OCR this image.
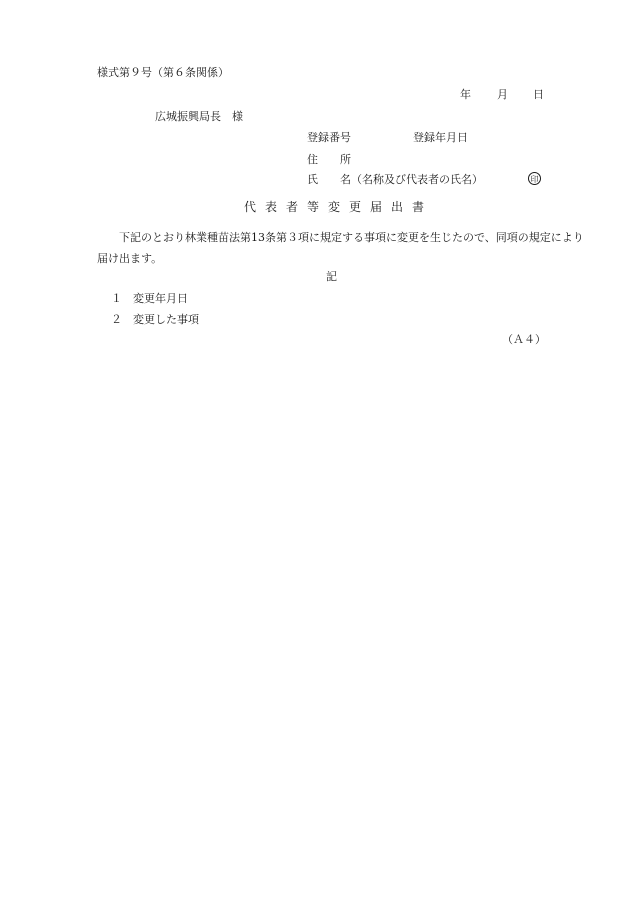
様式第９号（第６条関係）
年 月 日
広城振興局長　様
登録番号	登録年月日
住　　所
氏　　名（名称及び代表者の氏名）	印
代表者等変更届出書
下記のとおり林業種苗法第13条第３項に規定する事項に変更を生じたので、同項の規定により届け出ます。
記
１ 変更年月日
２ 変更した事項
（Ａ４）
